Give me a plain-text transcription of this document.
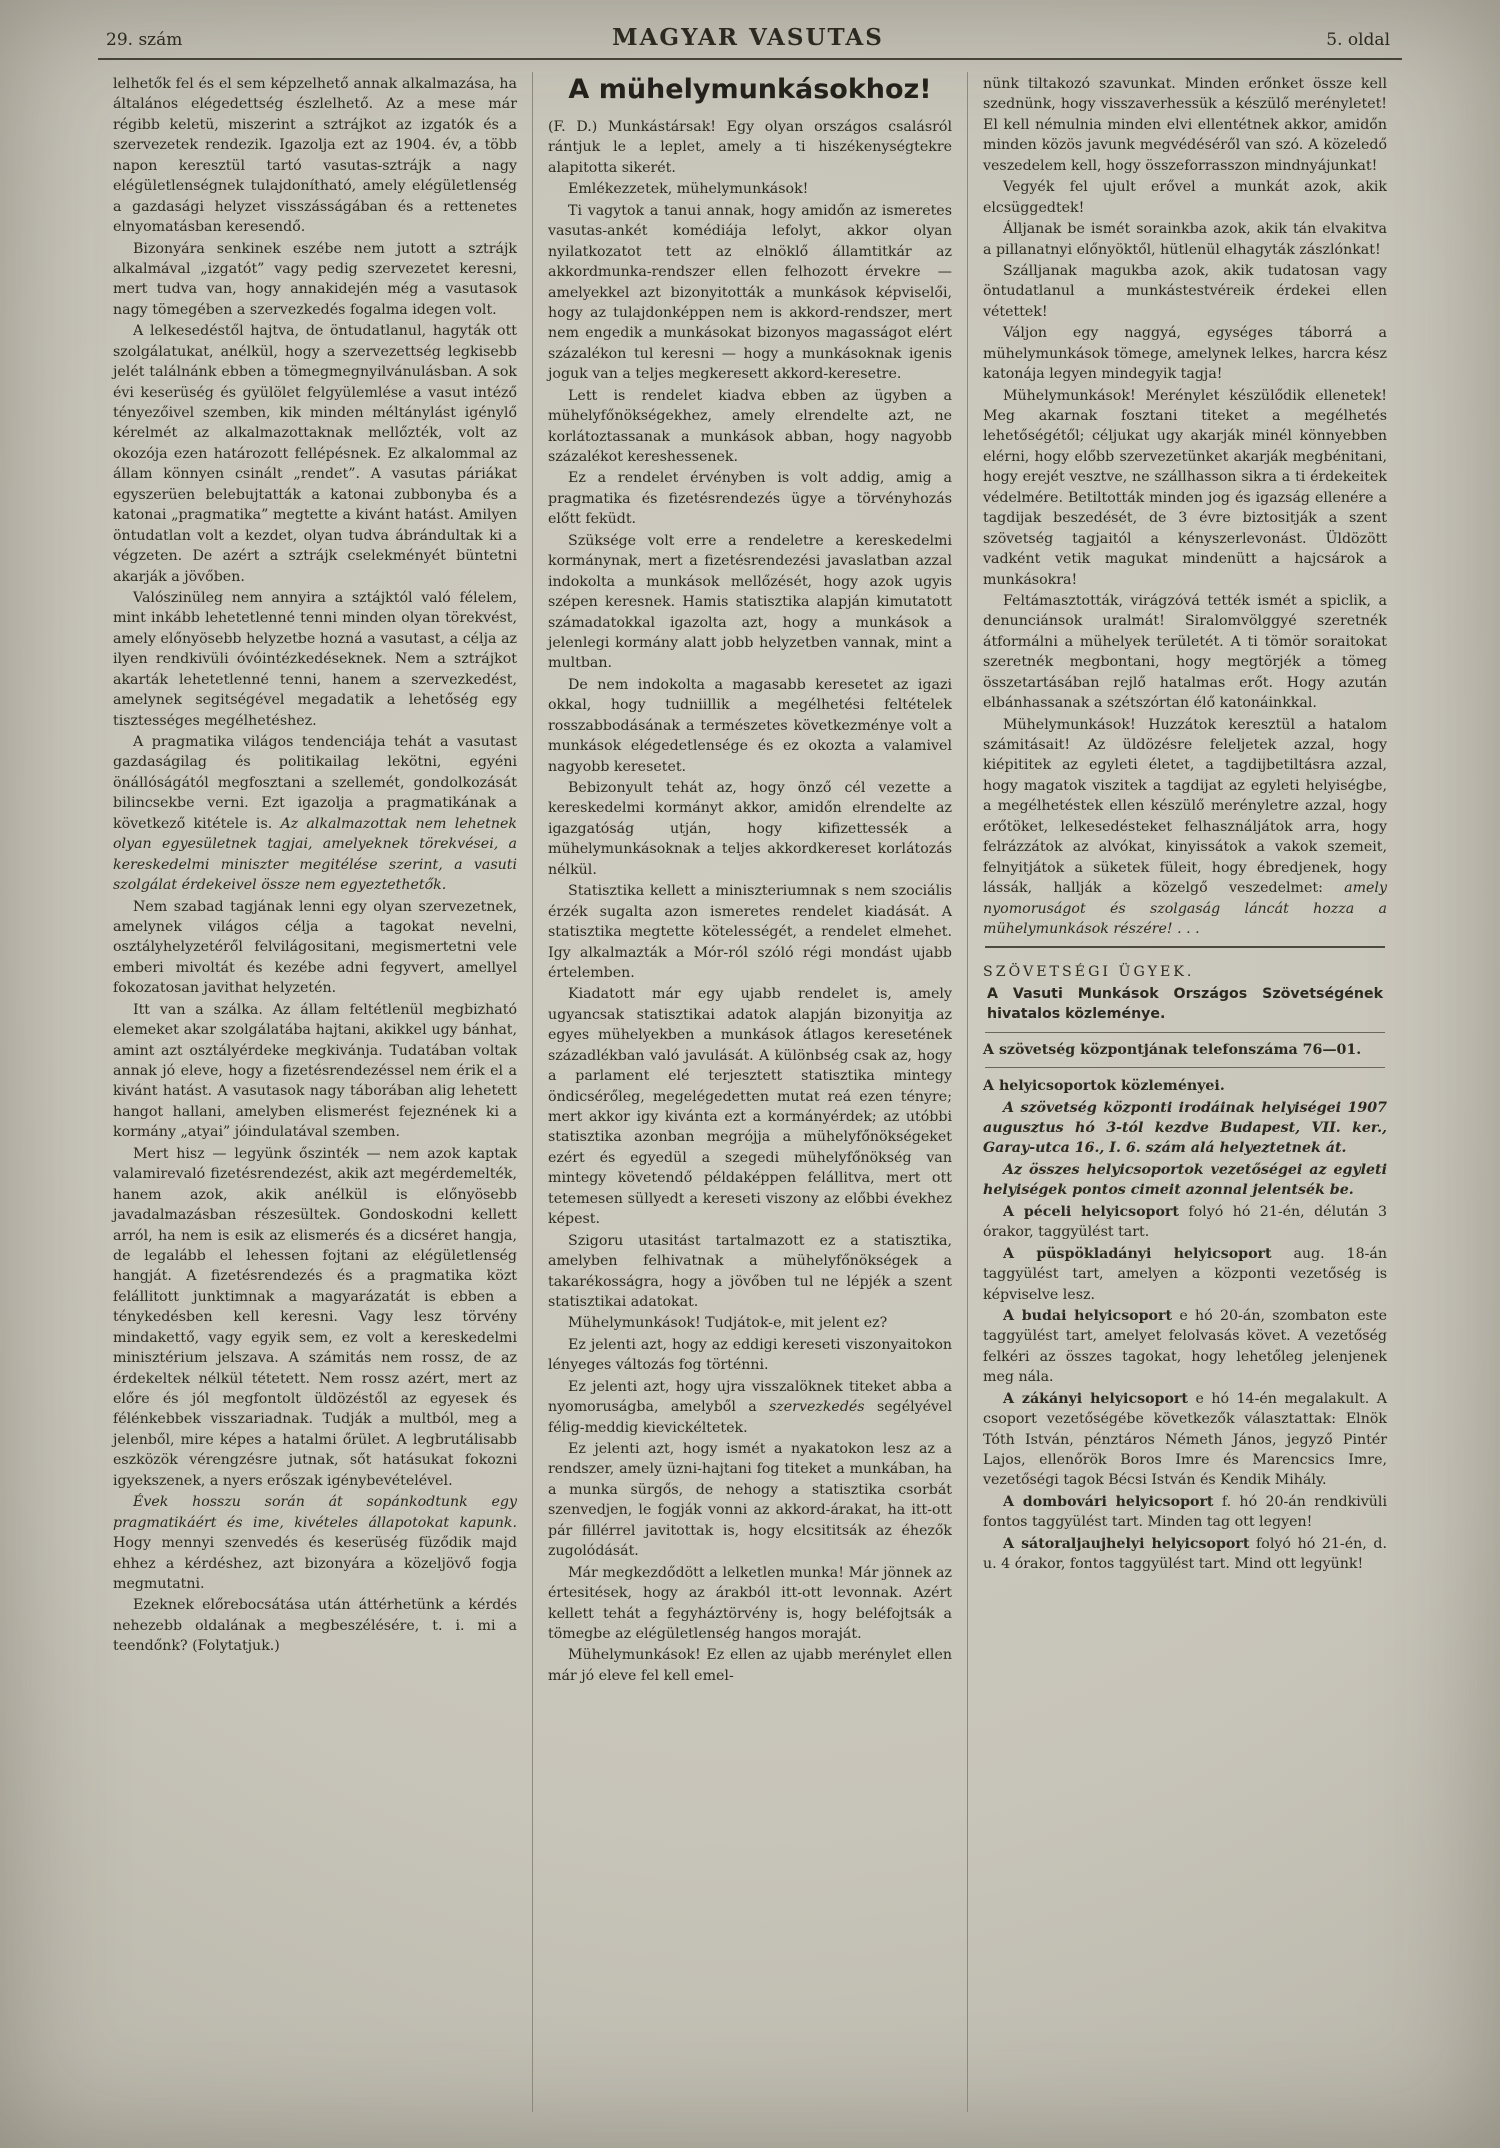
29. szám	MAGYAR VASUTAS	5. oldal

lelhetők fel és el sem képzelhető annak alkalmazása, ha általános elégedettség észlelhető. Az a mese már régibb keletü, miszerint a sztrájkot az izgatók és a szervezetek rendezik. Igazolja ezt az 1904. év, a több napon keresztül tartó vasutas-sztrájk a nagy elégületlenségnek tulajdonítható, amely elégületlenség a gazdasági helyzet visszásságában és a rettenetes elnyomatásban keresendő.

Bizonyára senkinek eszébe nem jutott a sztrájk alkalmával „izgatót” vagy pedig szervezetet keresni, mert tudva van, hogy annakidején még a vasutasok nagy tömegében a szervezkedés fogalma idegen volt.

A lelkesedéstől hajtva, de öntudatlanul, hagyták ott szolgálatukat, anélkül, hogy a szervezettség legkisebb jelét találnánk ebben a tömegmegnyilvánulásban. A sok évi keserüség és gyülölet felgyülemlése a vasut intéző tényezőivel szemben, kik minden méltánylást igénylő kérelmét az alkalmazottaknak mellőzték, volt az okozója ezen határozott fellépésnek. Ez alkalommal az állam könnyen csinált „rendet”. A vasutas páriákat egyszerüen belebujtatták a katonai zubbonyba és a katonai „pragmatika” megtette a kivánt hatást. Amilyen öntudatlan volt a kezdet, olyan tudva ábrándultak ki a végzeten. De azért a sztrájk cselekményét büntetni akarják a jövőben.

Valószinüleg nem annyira a sztájktól való félelem, mint inkább lehetetlenné tenni minden olyan törekvést, amely előnyösebb helyzetbe hozná a vasutast, a célja az ilyen rendkivüli óvóintézkedéseknek. Nem a sztrájkot akarták lehetetlenné tenni, hanem a szervezkedést, amelynek segitségével megadatik a lehetőség egy tisztességes megélhetéshez.

A pragmatika világos tendenciája tehát a vasutast gazdaságilag és politikailag lekötni, egyéni önállóságától megfosztani a szellemét, gondolkozását bilincsekbe verni. Ezt igazolja a pragmatikának a következő kitétele is. Az alkalmazottak nem lehetnek olyan egyesületnek tagjai, amelyeknek törekvései, a kereskedelmi miniszter megitélése szerint, a vasuti szolgálat érdekeivel össze nem egyeztethetők.

Nem szabad tagjának lenni egy olyan szervezetnek, amelynek világos célja a tagokat nevelni, osztályhelyzetéről felvilágositani, megismertetni vele emberi mivoltát és kezébe adni fegyvert, amellyel fokozatosan javithat helyzetén.

Itt van a szálka. Az állam feltétlenül megbizható elemeket akar szolgálatába hajtani, akikkel ugy bánhat, amint azt osztályérdeke megkivánja. Tudatában voltak annak jó eleve, hogy a fizetésrendezéssel nem érik el a kivánt hatást. A vasutasok nagy táborában alig lehetett hangot hallani, amelyben elismerést fejeznének ki a kormány „atyai” jóindulatával szemben.

Mert hisz — legyünk őszinték — nem azok kaptak valamirevaló fizetésrendezést, akik azt megérdemelték, hanem azok, akik anélkül is előnyösebb javadalmazásban részesültek. Gondoskodni kellett arról, ha nem is esik az elismerés és a dicséret hangja, de legalább el lehessen fojtani az elégületlenség hangját. A fizetésrendezés és a pragmatika közt felállitott junktimnak a magyarázatát is ebben a ténykedésben kell keresni. Vagy lesz törvény mindakettő, vagy egyik sem, ez volt a kereskedelmi minisztérium jelszava. A számitás nem rossz, de az érdekeltek nélkül tétetett. Nem rossz azért, mert az előre és jól megfontolt üldözéstől az egyesek és félénkebbek visszariadnak. Tudják a multból, meg a jelenből, mire képes a hatalmi őrület. A legbrutálisabb eszközök vérengzésre jutnak, sőt hatásukat fokozni igyekszenek, a nyers erőszak igénybevételével.

Évek hosszu során át sopánkodtunk egy pragmatikáért és ime, kivételes állapotokat kapunk. Hogy mennyi szenvedés és keserüség füződik majd ehhez a kérdéshez, azt bizonyára a közeljövő fogja megmutatni.

Ezeknek előrebocsátása után áttérhetünk a kérdés nehezebb oldalának a megbeszélésére, t. i. mi a teendőnk? (Folytatjuk.)

A mühelymunkásokhoz!

(F. D.) Munkástársak! Egy olyan országos csalásról rántjuk le a leplet, amely a ti hiszékenységtekre alapitotta sikerét.

Emlékezzetek, mühelymunkások!

Ti vagytok a tanui annak, hogy amidőn az ismeretes vasutas-ankét komédiája lefolyt, akkor olyan nyilatkozatot tett az elnöklő államtitkár az akkordmunka-rendszer ellen felhozott érvekre — amelyekkel azt bizonyitották a munkások képviselői, hogy az tulajdonképpen nem is akkord-rendszer, mert nem engedik a munkásokat bizonyos magasságot elért százalékon tul keresni — hogy a munkásoknak igenis joguk van a teljes megkeresett akkord-keresetre.

Lett is rendelet kiadva ebben az ügyben a mühelyfőnökségekhez, amely elrendelte azt, ne korlátoztassanak a munkások abban, hogy nagyobb százalékot kereshessenek.

Ez a rendelet érvényben is volt addig, amig a pragmatika és fizetésrendezés ügye a törvényhozás előtt feküdt.

Szüksége volt erre a rendeletre a kereskedelmi kormánynak, mert a fizetésrendezési javaslatban azzal indokolta a munkások mellőzését, hogy azok ugyis szépen keresnek. Hamis statisztika alapján kimutatott számadatokkal igazolta azt, hogy a munkások a jelenlegi kormány alatt jobb helyzetben vannak, mint a multban.

De nem indokolta a magasabb keresetet az igazi okkal, hogy tudniillik a megélhetési feltételek rosszabbodásának a természetes következménye volt a munkások elégedetlensége és ez okozta a valamivel nagyobb keresetet.

Bebizonyult tehát az, hogy önző cél vezette a kereskedelmi kormányt akkor, amidőn elrendelte az igazgatóság utján, hogy kifizettessék a mühelymunkásoknak a teljes akkordkereset korlátozás nélkül.

Statisztika kellett a miniszteriumnak s nem szociális érzék sugalta azon ismeretes rendelet kiadását. A statisztika megtette kötelességét, a rendelet elmehet. Igy alkalmazták a Mór-ról szóló régi mondást ujabb értelemben.

Kiadatott már egy ujabb rendelet is, amely ugyancsak statisztikai adatok alapján bizonyitja az egyes mühelyekben a munkások átlagos keresetének századlékban való javulását. A különbség csak az, hogy a parlament elé terjesztett statisztika mintegy öndicsérőleg, megelégedetten mutat reá ezen tényre; mert akkor igy kivánta ezt a kormányérdek; az utóbbi statisztika azonban megrójja a mühelyfőnökségeket ezért és egyedül a szegedi mühelyfőnökség van mintegy követendő példaképpen felállitva, mert ott tetemesen süllyedt a kereseti viszony az előbbi évekhez képest.

Szigoru utasitást tartalmazott ez a statisztika, amelyben felhivatnak a mühelyfőnökségek a takarékosságra, hogy a jövőben tul ne lépjék a szent statisztikai adatokat.

Mühelymunkások! Tudjátok-e, mit jelent ez?

Ez jelenti azt, hogy az eddigi kereseti viszonyaitokon lényeges változás fog történni.

Ez jelenti azt, hogy ujra visszalöknek titeket abba a nyomoruságba, amelyből a szervezkedés segélyével félig-meddig kievickéltetek.

Ez jelenti azt, hogy ismét a nyakatokon lesz az a rendszer, amely üzni-hajtani fog titeket a munkában, ha a munka sürgős, de nehogy a statisztika csorbát szenvedjen, le fogják vonni az akkord-árakat, ha itt-ott pár fillérrel javitottak is, hogy elcsititsák az éhezők zugolódását.

Már megkezdődött a lelketlen munka! Már jönnek az értesitések, hogy az árakból itt-ott levonnak. Azért kellett tehát a fegyháztörvény is, hogy beléfojtsák a tömegbe az elégületlenség hangos moraját.

Mühelymunkások! Ez ellen az ujabb merénylet ellen már jó eleve fel kell emel-

nünk tiltakozó szavunkat. Minden erőnket össze kell szednünk, hogy visszaverhessük a készülő merényletet! El kell némulnia minden elvi ellentétnek akkor, amidőn minden közös javunk megvédéséről van szó. A közeledő veszedelem kell, hogy összeforrasszon mindnyájunkat!

Vegyék fel ujult erővel a munkát azok, akik elcsüggedtek!

Álljanak be ismét sorainkba azok, akik tán elvakitva a pillanatnyi előnyöktől, hütlenül elhagyták zászlónkat!

Szálljanak magukba azok, akik tudatosan vagy öntudatlanul a munkástestvéreik érdekei ellen vétettek!

Váljon egy naggyá, egységes táborrá a mühelymunkások tömege, amelynek lelkes, harcra kész katonája legyen mindegyik tagja!

Mühelymunkások! Merénylet készülődik ellenetek! Meg akarnak fosztani titeket a megélhetés lehetőségétől; céljukat ugy akarják minél könnyebben elérni, hogy előbb szervezetünket akarják megbénitani, hogy erejét vesztve, ne szállhasson sikra a ti érdekeitek védelmére. Betiltották minden jog és igazság ellenére a tagdijak beszedését, de 3 évre biztositják a szent szövetség tagjaitól a kényszerlevonást. Üldözött vadként vetik magukat mindenütt a hajcsárok a munkásokra!

Feltámasztották, virágzóvá tették ismét a spiclik, a denunciánsok uralmát! Siralomvölggyé szeretnék átformálni a mühelyek területét. A ti tömör soraitokat szeretnék megbontani, hogy megtörjék a tömeg összetartásában rejlő hatalmas erőt. Hogy azután elbánhassanak a szétszórtan élő katonáinkkal.

Mühelymunkások! Huzzátok keresztül a hatalom számitásait! Az üldözésre feleljetek azzal, hogy kiépititek az egyleti életet, a tagdijbetiltásra azzal, hogy magatok viszitek a tagdijat az egyleti helyiségbe, a megélhetéstek ellen készülő merényletre azzal, hogy erőtöket, lelkesedésteket felhasználjátok arra, hogy felrázzátok az alvókat, kinyissátok a vakok szemeit, felnyitjátok a süketek füleit, hogy ébredjenek, hogy lássák, hallják a közelgő veszedelmet: amely nyomoruságot és szolgaság láncát hozza a mühelymunkások részére! . . .

SZÖVETSÉGI ÜGYEK.

A Vasuti Munkások Országos Szövetségének hivatalos közleménye.

A szövetség központjának telefonszáma 76—01.

A helyicsoportok közleményei.

A szövetség központi irodáinak helyiségei 1907 augusztus hó 3-tól kezdve Budapest, VII. ker., Garay-utca 16., I. 6. szám alá helyeztetnek át.

Az összes helyicsoportok vezetőségei az egyleti helyiségek pontos cimeit azonnal jelentsék be.

A péceli helyicsoport folyó hó 21-én, délután 3 órakor, taggyülést tart.

A püspökladányi helyicsoport aug. 18-án taggyülést tart, amelyen a központi vezetőség is képviselve lesz.

A budai helyicsoport e hó 20-án, szombaton este taggyülést tart, amelyet felolvasás követ. A vezetőség felkéri az összes tagokat, hogy lehetőleg jelenjenek meg nála.

A zákányi helyicsoport e hó 14-én megalakult. A csoport vezetőségébe következők választattak: Elnök Tóth István, pénztáros Németh János, jegyző Pintér Lajos, ellenőrök Boros Imre és Marencsics Imre, vezetőségi tagok Bécsi István és Kendik Mihály.

A dombovári helyicsoport f. hó 20-án rendkivüli fontos taggyülést tart. Minden tag ott legyen!

A sátoraljaujhelyi helyicsoport folyó hó 21-én, d. u. 4 órakor, fontos taggyülést tart. Mind ott legyünk!
